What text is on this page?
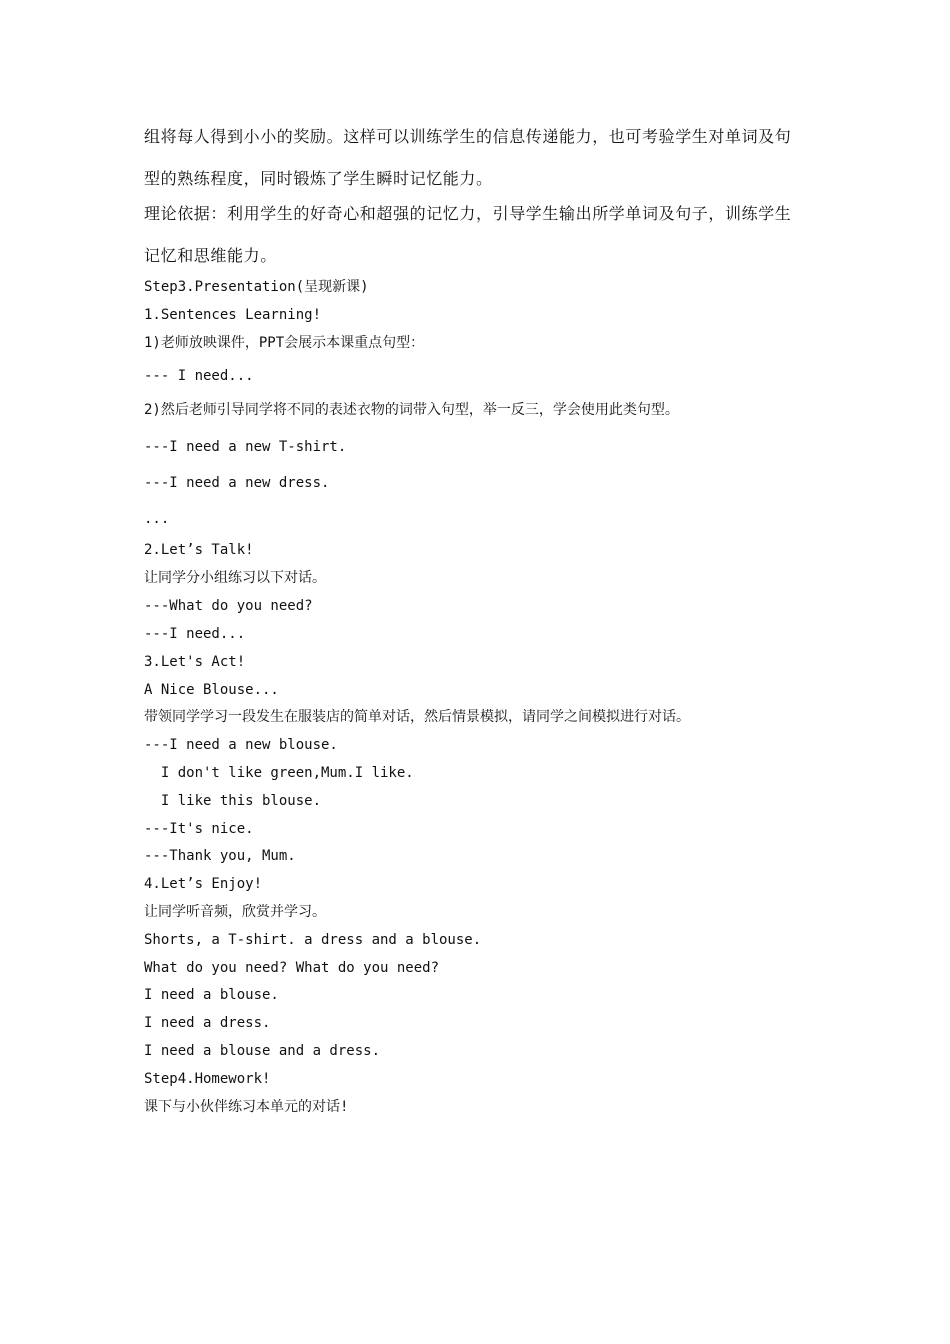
组将每人得到小小的奖励。这样可以训练学生的信息传递能力，也可考验学生对单词及句

型的熟练程度，同时锻炼了学生瞬时记忆能力。

理论依据：利用学生的好奇心和超强的记忆力，引导学生输出所学单词及句子，训练学生

记忆和思维能力。

Step3.Presentation(呈现新课)

1.Sentences Learning!

1)老师放映课件，PPT会展示本课重点句型：

--- I need...

2)然后老师引导同学将不同的表述衣物的词带入句型，举一反三，学会使用此类句型。

---I need a new T-shirt.

---I need a new dress.

...

2.Let’s Talk!

让同学分小组练习以下对话。

---What do you need?

---I need...

3.Let's Act!

A Nice Blouse...

带领同学学习一段发生在服装店的简单对话，然后情景模拟，请同学之间模拟进行对话。

---I need a new blouse.

I don't like green,Mum.I like.

I like this blouse.

---It's nice.

---Thank you, Mum.

4.Let’s Enjoy!

让同学听音频，欣赏并学习。

Shorts, a T-shirt. a dress and a blouse.

What do you need? What do you need?

I need a blouse.

I need a dress.

I need a blouse and a dress.

Step4.Homework!

课下与小伙伴练习本单元的对话!
